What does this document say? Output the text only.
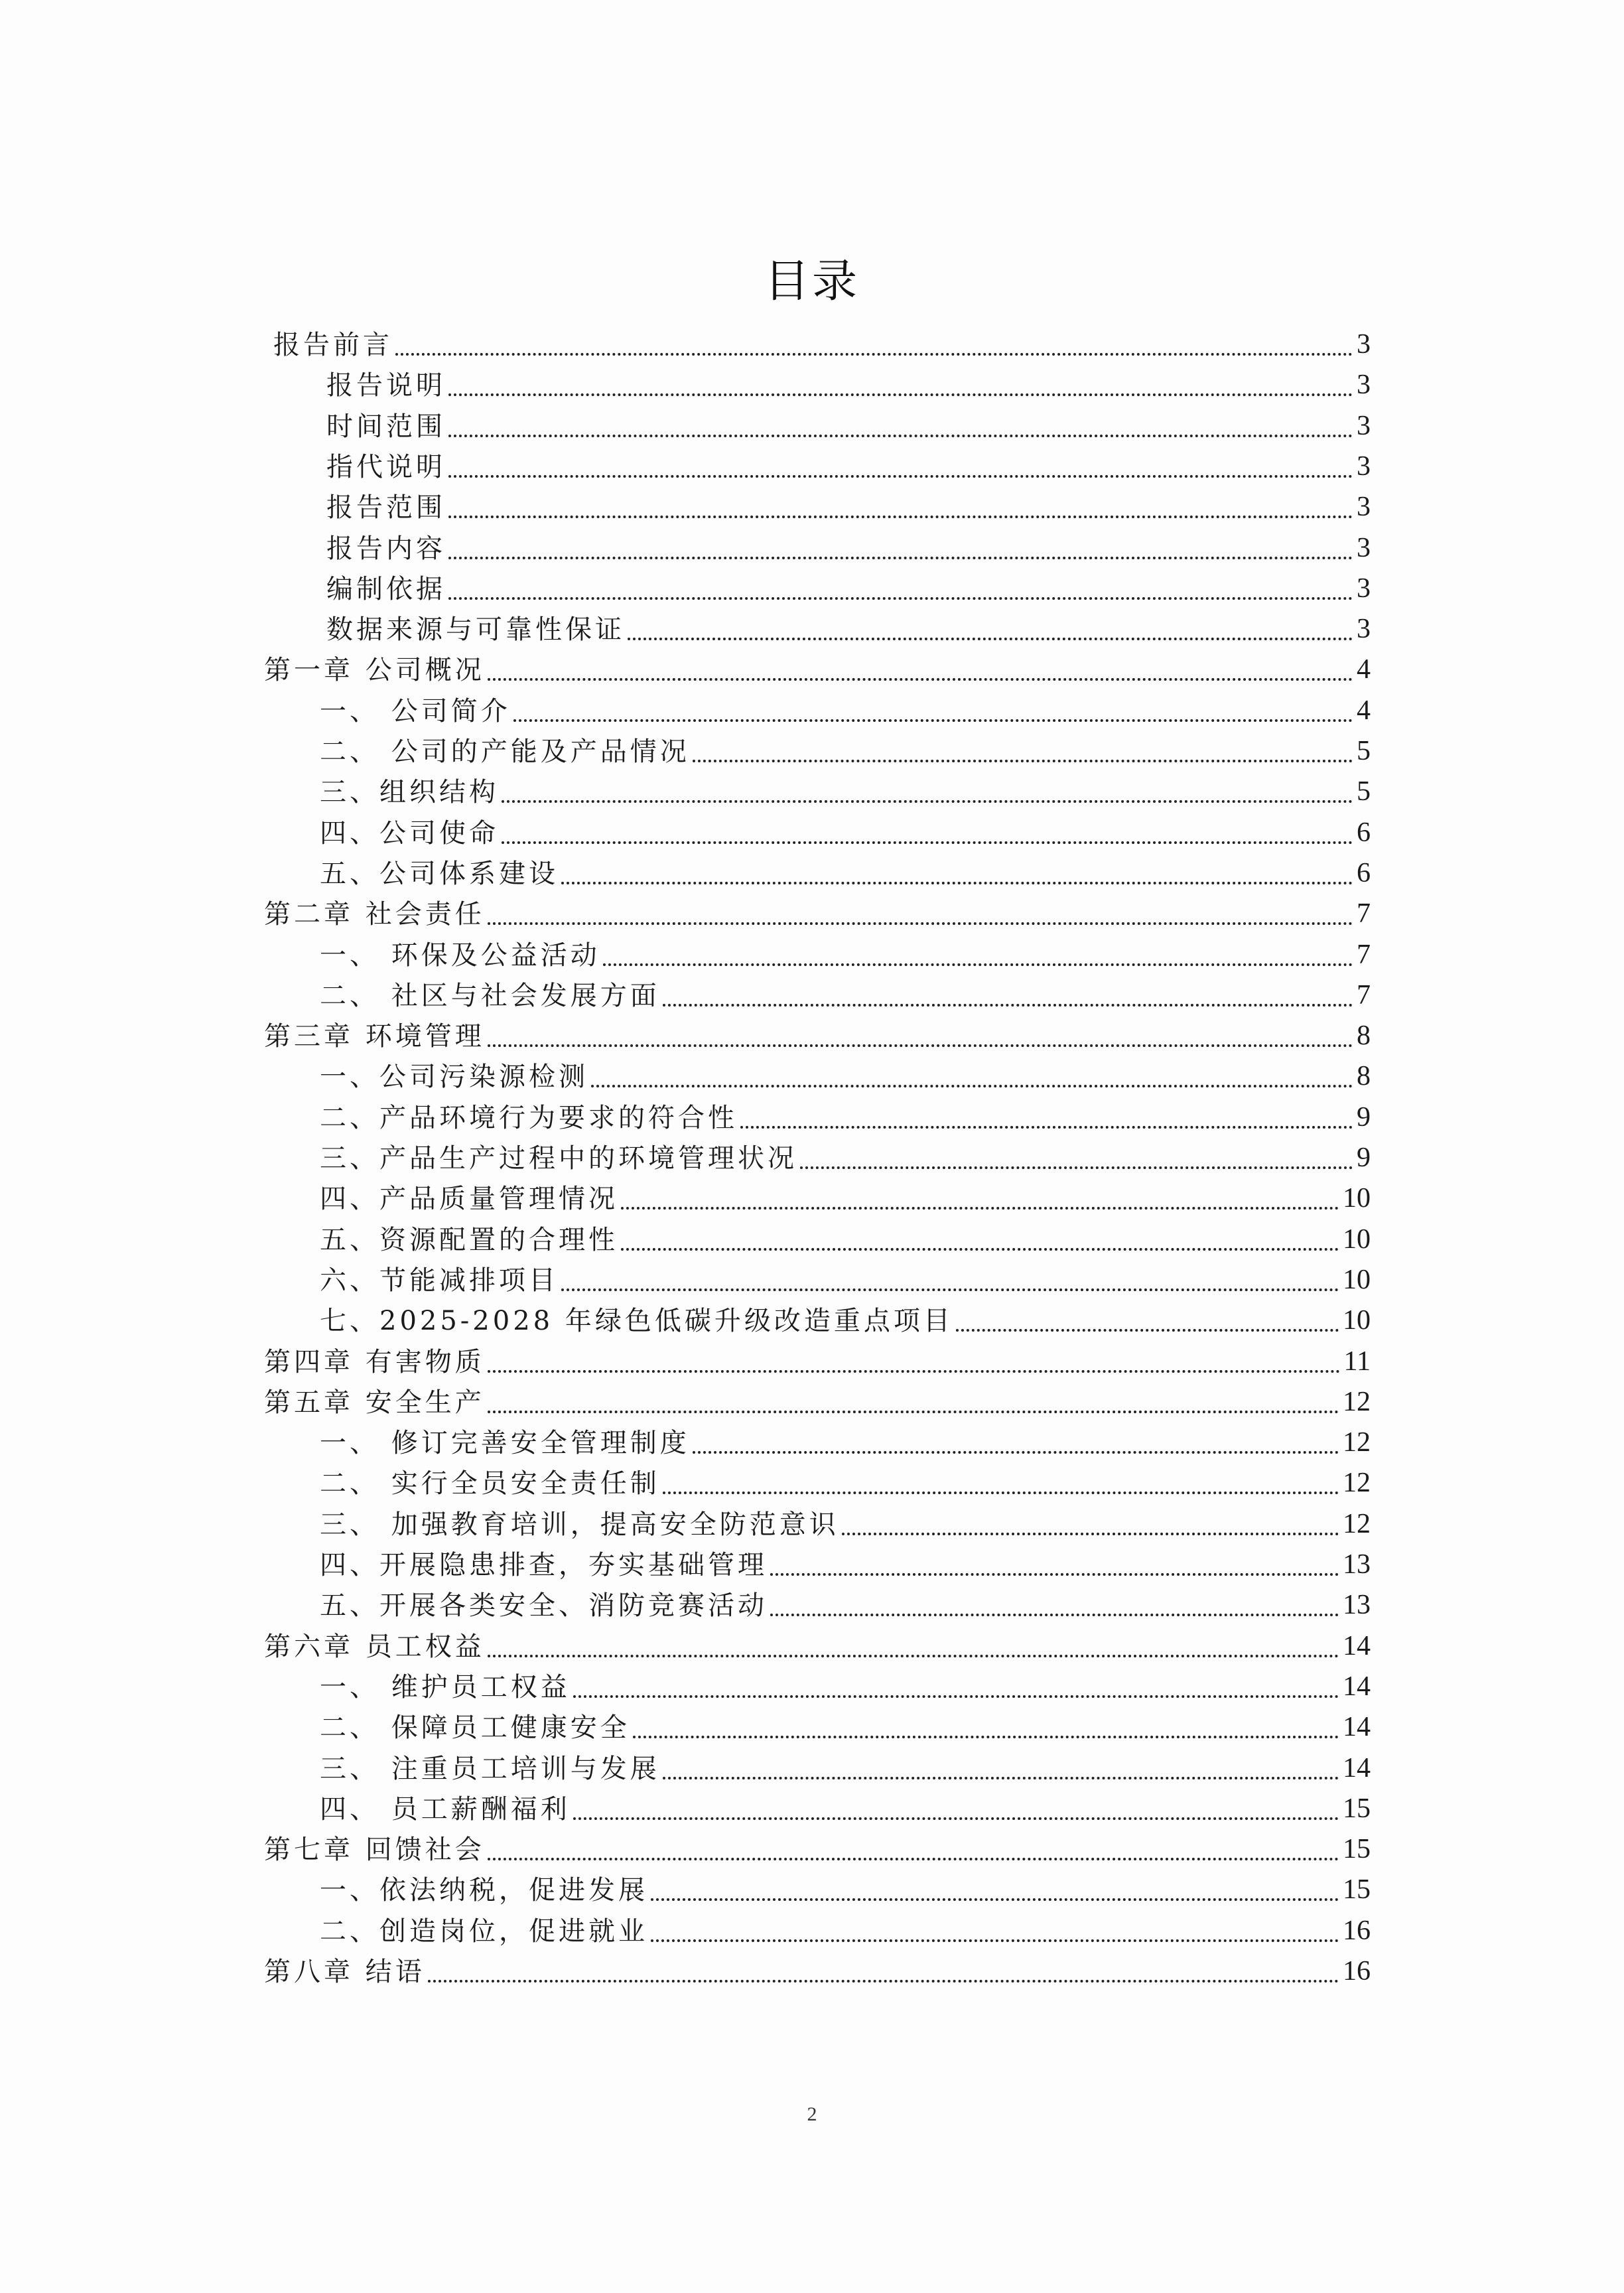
目录
报告前言	3
报告说明	3
时间范围	3
指代说明	3
报告范围	3
报告内容	3
编制依据	3
数据来源与可靠性保证	3
第一章 公司概况	4
一、 公司简介	4
二、 公司的产能及产品情况	5
三、组织结构	5
四、公司使命	6
五、公司体系建设	6
第二章 社会责任	7
一、 环保及公益活动	7
二、 社区与社会发展方面	7
第三章 环境管理	8
一、公司污染源检测	8
二、产品环境行为要求的符合性	9
三、产品生产过程中的环境管理状况	9
四、产品质量管理情况	10
五、资源配置的合理性	10
六、节能减排项目	10
七、2025-2028 年绿色低碳升级改造重点项目	10
第四章 有害物质	11
第五章 安全生产	12
一、 修订完善安全管理制度	12
二、 实行全员安全责任制	12
三、 加强教育培训，提高安全防范意识	12
四、开展隐患排查，夯实基础管理	13
五、开展各类安全、消防竞赛活动	13
第六章 员工权益	14
一、 维护员工权益	14
二、 保障员工健康安全	14
三、 注重员工培训与发展	14
四、 员工薪酬福利	15
第七章 回馈社会	15
一、依法纳税，促进发展	15
二、创造岗位，促进就业	16
第八章 结语	16
2
